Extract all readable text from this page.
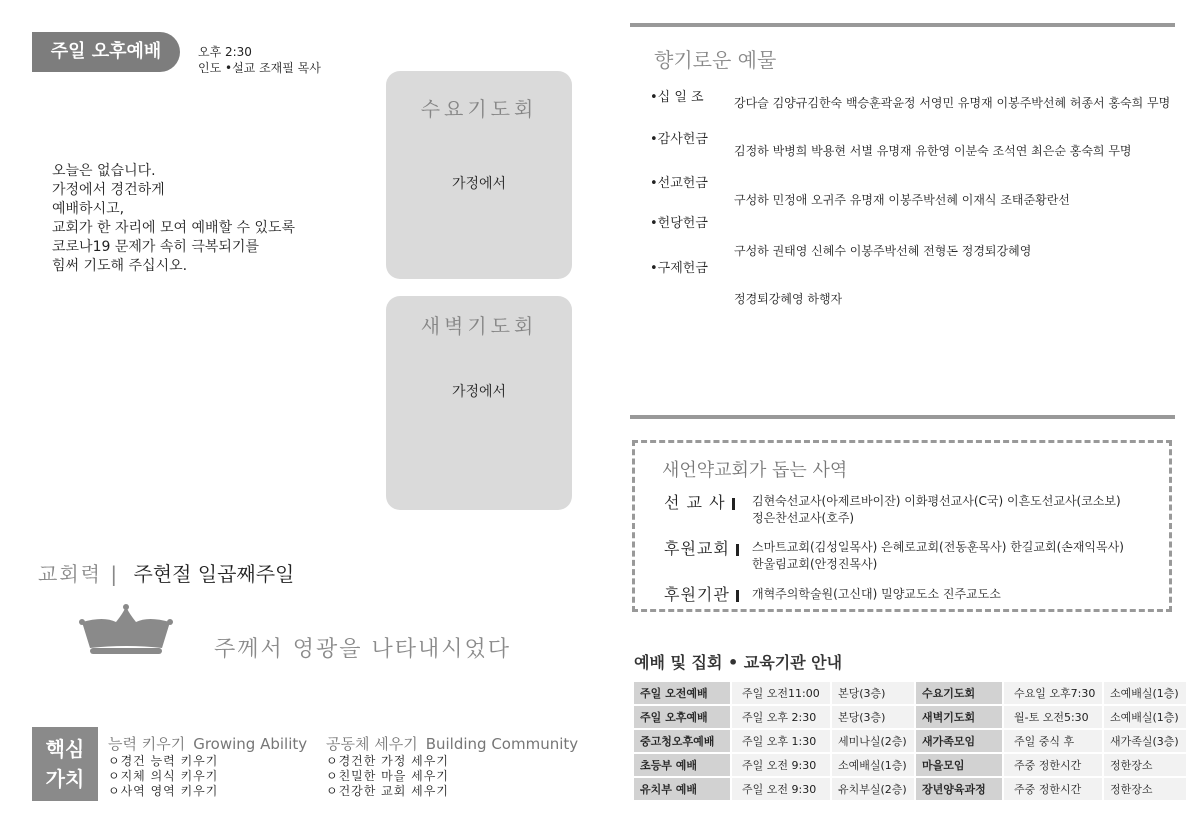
주일 오후예배	오후 2:30
인도 •설교 조재필 목사
오늘은 없습니다.
가정에서 경건하게
예배하시고,
교회가 한 자리에 모여 예배할 수 있도록
코로나19 문제가 속히 극복되기를
힘써 기도해 주십시오.
수요기도회
가정에서
새벽기도회
가정에서
교회력 | 주현절 일곱째주일
주께서 영광을 나타내시었다
핵심
가치
능력 키우기 Growing Ability
ㅇ경건 능력 키우기
ㅇ지체 의식 키우기
ㅇ사역 영역 키우기
공동체 세우기 Building Community
ㅇ경건한 가정 세우기
ㅇ친밀한 마을 세우기
ㅇ건강한 교회 세우기
향기로운 예물
•십 일 조	강다슬 김양규김한숙 백승훈곽윤정 서영민 유명재 이봉주박선혜 허종서 홍숙희 무명
•감사헌금
김정하 박병희 박용현 서별 유명재 유한영 이분숙 조석연 최은순 홍숙희 무명
•선교헌금
구성하 민정애 오귀주 유명재 이봉주박선혜 이재식 조태준황란선
•헌당헌금
구성하 권태영 신혜수 이봉주박선혜 전형돈 정경퇴강혜영
•구제헌금
정경퇴강혜영 하행자
새언약교회가 돕는 사역
선 교 사	김현숙선교사(아제르바이잔) 이화평선교사(C국) 이흔도선교사(코소보)
정은찬선교사(호주)
후원교회	스마트교회(김성일목사) 은혜로교회(전동훈목사) 한길교회(손재익목사)
한울림교회(안정진목사)
후원기관	개혁주의학술원(고신대) 밀양교도소 진주교도소
예배 및 집회 • 교육기관 안내
주일 오전예배	주일 오전11:00	본당(3층)	수요기도회	수요일 오후7:30	소예배실(1층)
주일 오후예배	주일 오후 2:30	본당(3층)	새벽기도회	월-토 오전5:30	소예배실(1층)
중고청오후예배	주일 오후 1:30	세미나실(2층)	새가족모임	주일 중식 후	새가족실(3층)
초등부 예배	주일 오전 9:30	소예배실(1층)	마을모임	주중 정한시간	정한장소
유치부 예배	주일 오전 9:30	유치부실(2층)	장년양육과정	주중 정한시간	정한장소
